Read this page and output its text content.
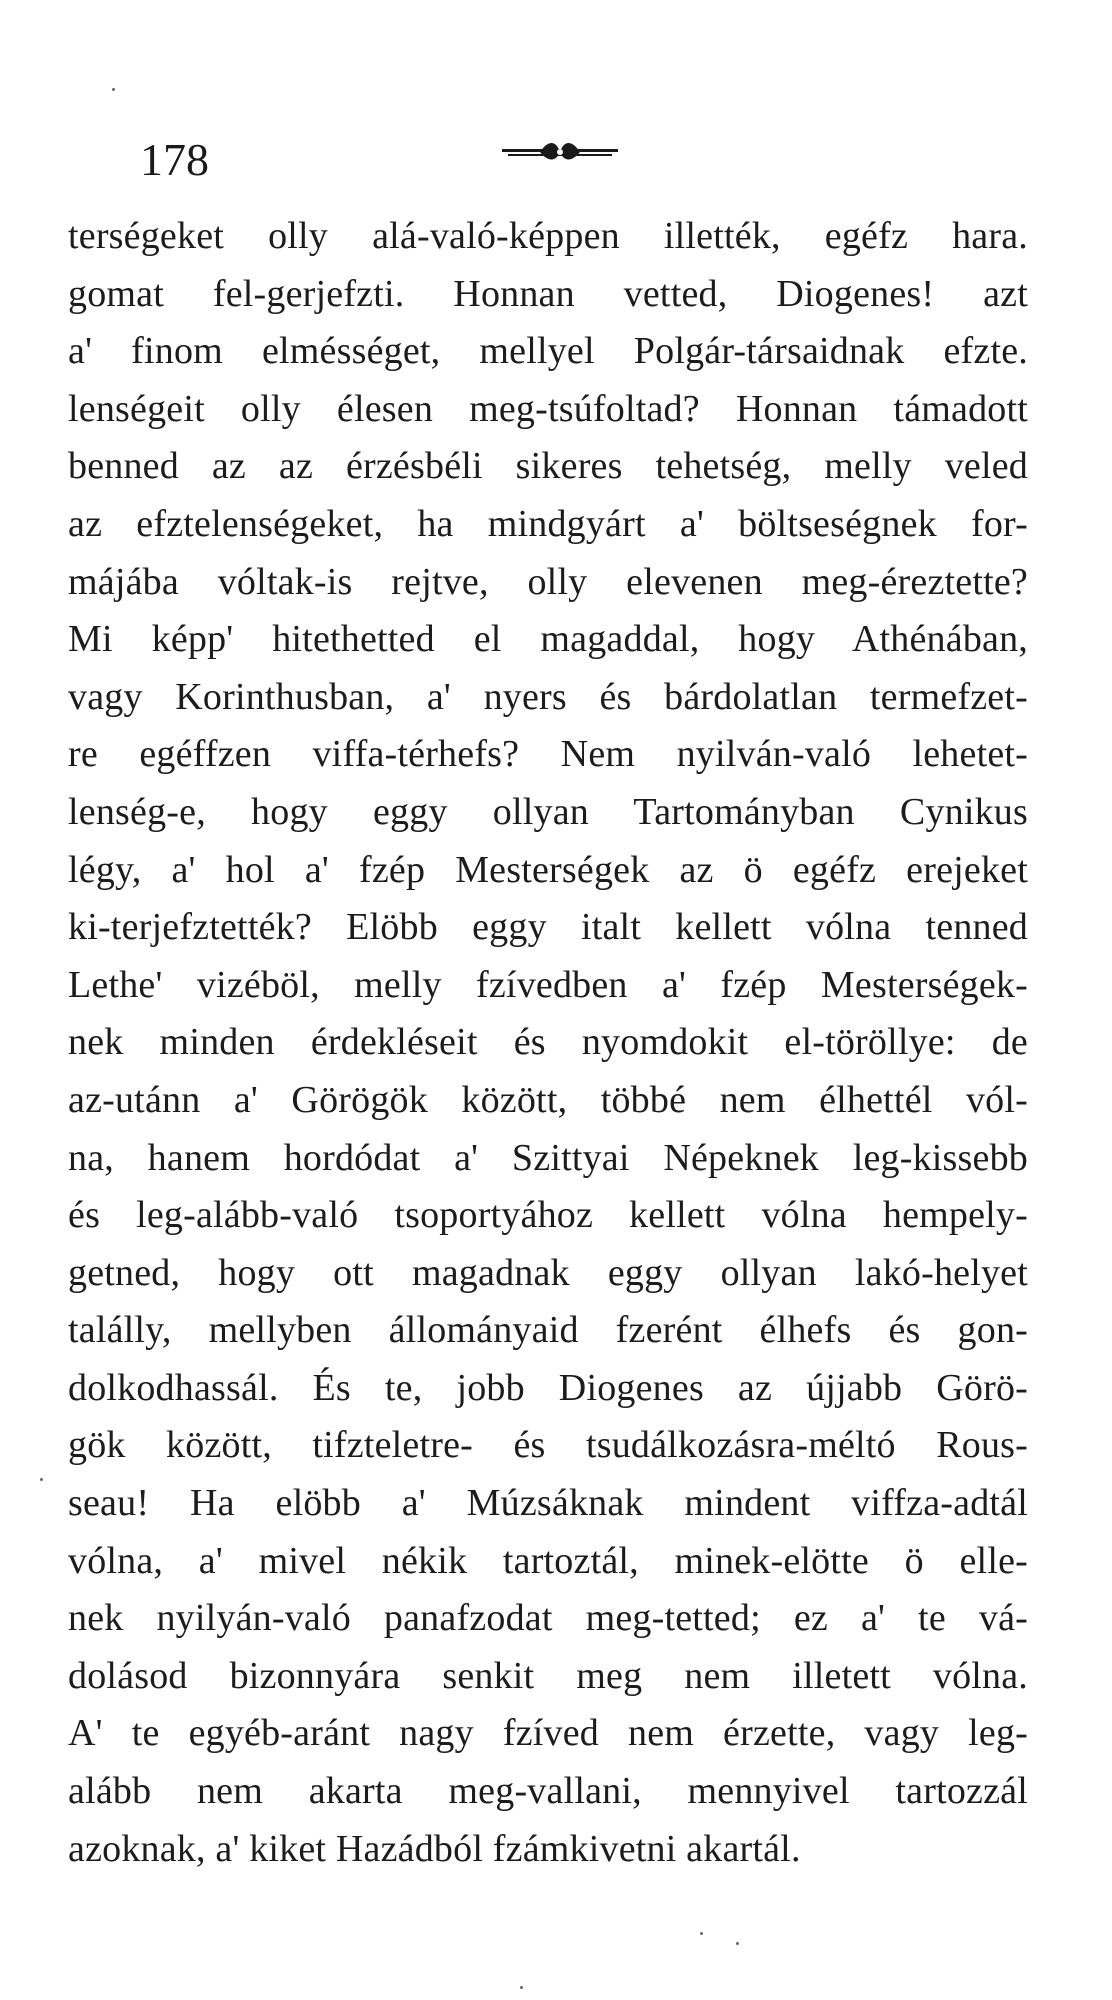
178
terségeket olly alá-való-képpen illették, egéfz hara.
gomat fel-gerjefzti. Honnan vetted, Diogenes! azt
a' finom elmésséget, mellyel Polgár-társaidnak efzte.
lenségeit olly élesen meg-tsúfoltad? Honnan támadott
benned az az érzésbéli sikeres tehetség, melly veled
az efztelenségeket, ha mindgyárt a' böltseségnek for-
májába vóltak-is rejtve, olly elevenen meg-éreztette?
Mi képp' hitethetted el magaddal, hogy Athénában,
vagy Korinthusban, a' nyers és bárdolatlan termefzet-
re egéffzen viffa-térhefs? Nem nyilván-való lehetet-
lenség-e, hogy eggy ollyan Tartományban Cynikus
légy, a' hol a' fzép Mesterségek az ö egéfz erejeket
ki-terjefztették? Elöbb eggy italt kellett vólna tenned
Lethe' vizéböl, melly fzívedben a' fzép Mesterségek-
nek minden érdekléseit és nyomdokit el-töröllye: de
az-utánn a' Görögök között, többé nem élhettél vól-
na, hanem hordódat a' Szittyai Népeknek leg-kissebb
és leg-alább-való tsoportyához kellett vólna hempely-
getned, hogy ott magadnak eggy ollyan lakó-helyet
találly, mellyben állományaid fzerént élhefs és gon-
dolkodhassál. És te, jobb Diogenes az újjabb Görö-
gök között, tifzteletre- és tsudálkozásra-méltó Rous-
seau! Ha elöbb a' Múzsáknak mindent viffza-adtál
vólna, a' mivel nékik tartoztál, minek-elötte ö elle-
nek nyilyán-való panafzodat meg-tetted; ez a' te vá-
dolásod bizonnyára senkit meg nem illetett vólna.
A' te egyéb-aránt nagy fzíved nem érzette, vagy leg-
alább nem akarta meg-vallani, mennyivel tartozzál
azoknak, a' kiket Hazádból fzámkivetni akartál.
